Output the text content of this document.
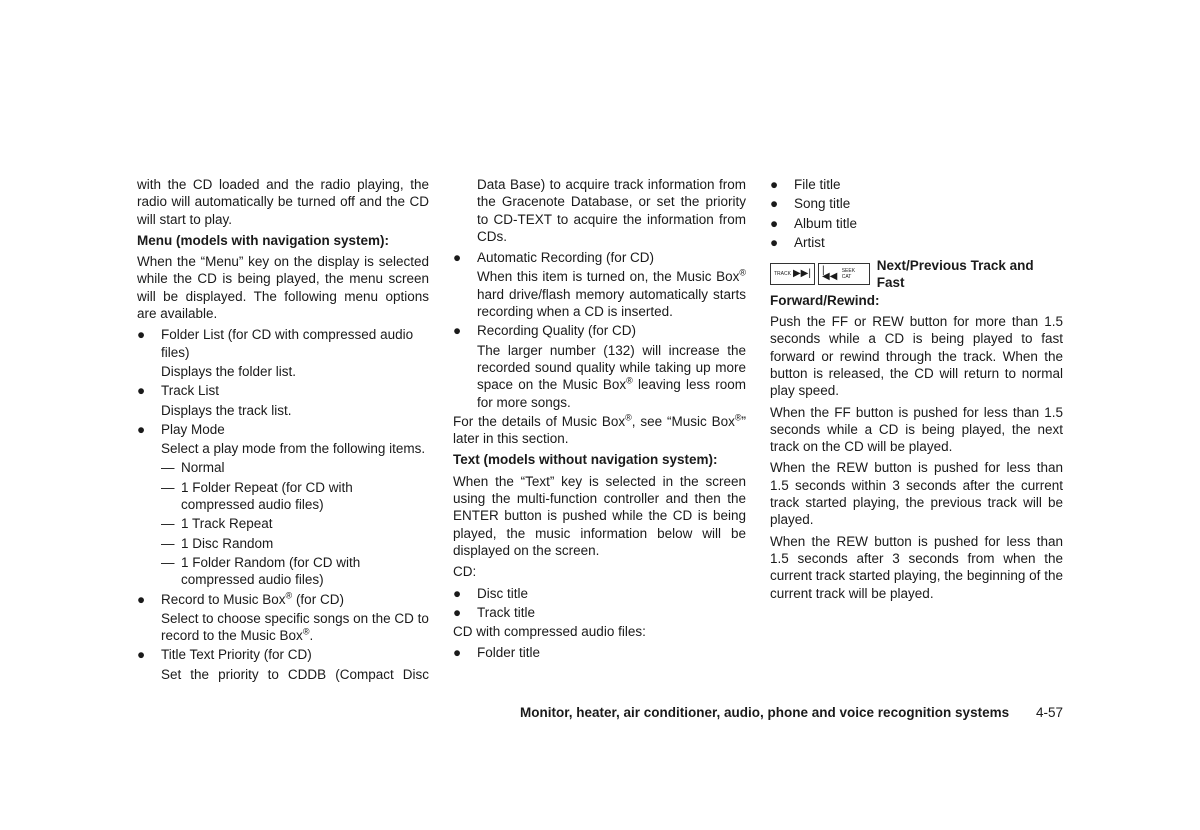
with the CD loaded and the radio playing, the radio will automatically be turned off and the CD will start to play.

Menu (models with navigation system):

When the “Menu” key on the display is selected while the CD is being played, the menu screen will be displayed. The following menu options are available.

● Folder List (for CD with compressed audio files)
Displays the folder list.
● Track List
Displays the track list.
● Play Mode
Select a play mode from the following items.
— Normal
— 1 Folder Repeat (for CD with compressed audio files)
— 1 Track Repeat
— 1 Disc Random
— 1 Folder Random (for CD with compressed audio files)
● Record to Music Box® (for CD)
Select to choose specific songs on the CD to record to the Music Box®.
● Title Text Priority (for CD)
Set the priority to CDDB (Compact Disc

Data Base) to acquire track information from the Gracenote Database, or set the priority to CD-TEXT to acquire the information from CDs.

● Automatic Recording (for CD)
When this item is turned on, the Music Box® hard drive/flash memory automatically starts recording when a CD is inserted.
● Recording Quality (for CD)
The larger number (132) will increase the recorded sound quality while taking up more space on the Music Box® leaving less room for more songs.

For the details of Music Box®, see “Music Box®” later in this section.

Text (models without navigation system):

When the “Text” key is selected in the screen using the multi-function controller and then the ENTER button is pushed while the CD is being played, the music information below will be displayed on the screen.

CD:

● Disc title
● Track title

CD with compressed audio files:

● Folder title
● File title
● Song title
● Album title
● Artist
TRACK ▶▶| |◀◀ SEEK CAT
Next/Previous Track and Fast
Forward/Rewind:

Push the FF or REW button for more than 1.5 seconds while a CD is being played to fast forward or rewind through the track. When the button is released, the CD will return to normal play speed.

When the FF button is pushed for less than 1.5 seconds while a CD is being played, the next track on the CD will be played.

When the REW button is pushed for less than 1.5 seconds within 3 seconds after the current track started playing, the previous track will be played.

When the REW button is pushed for less than 1.5 seconds after 3 seconds from when the current track started playing, the beginning of the current track will be played.

Monitor, heater, air conditioner, audio, phone and voice recognition systems 4-57
